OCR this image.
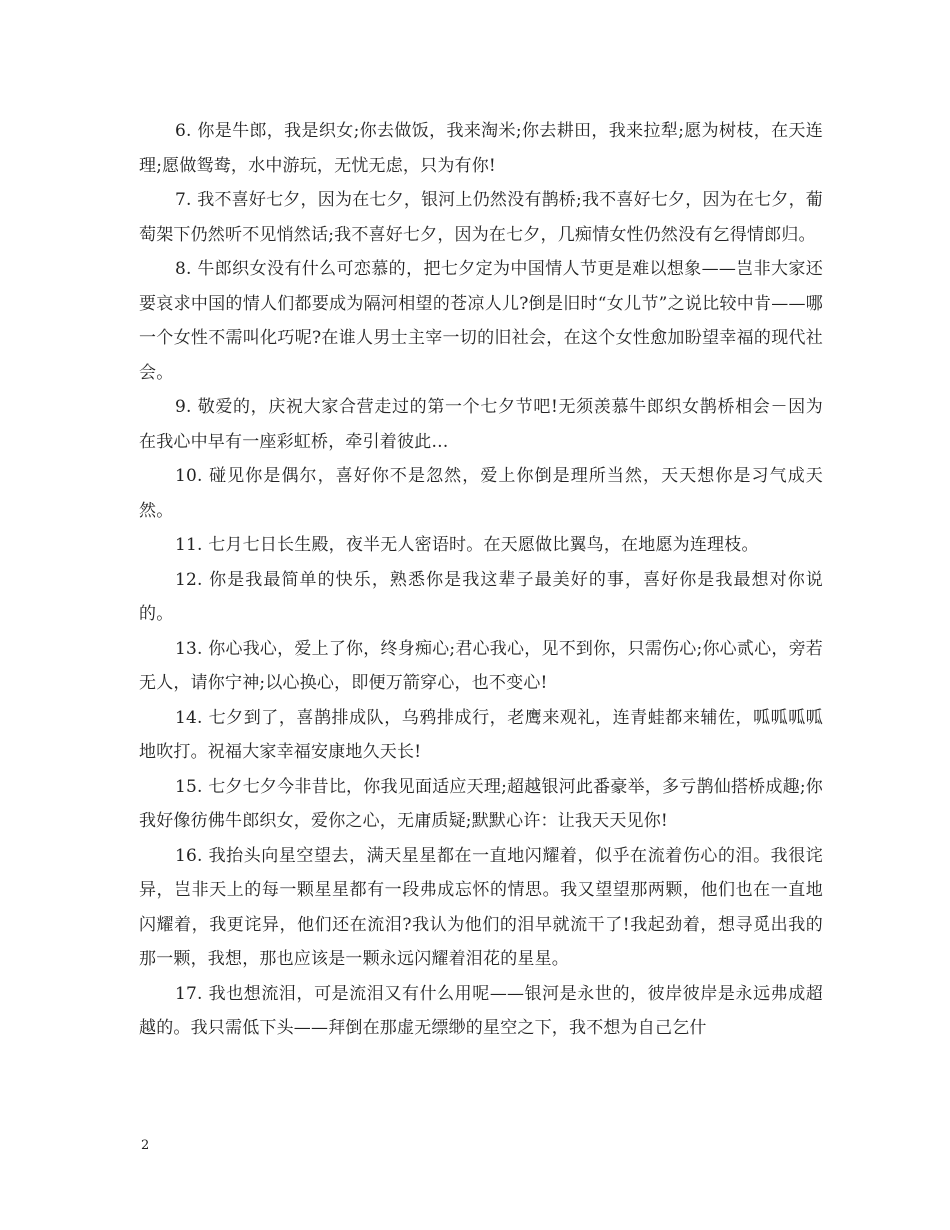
6. 你是牛郎，我是织女;你去做饭，我来淘米;你去耕田，我来拉犁;愿为树枝，在天连理;愿做鸳鸯，水中游玩，无忧无虑，只为有你!

7. 我不喜好七夕，因为在七夕，银河上仍然没有鹊桥;我不喜好七夕，因为在七夕，葡萄架下仍然听不见悄然话;我不喜好七夕，因为在七夕，几痴情女性仍然没有乞得情郎归。

8. 牛郎织女没有什么可恋慕的，把七夕定为中国情人节更是难以想象——岂非大家还要哀求中国的情人们都要成为隔河相望的苍凉人儿?倒是旧时“女儿节”之说比较中肯——哪一个女性不需叫化巧呢?在谁人男士主宰一切的旧社会，在这个女性愈加盼望幸福的现代社会。

9. 敬爱的，庆祝大家合营走过的第一个七夕节吧!无须羡慕牛郎织女鹊桥相会－因为在我心中早有一座彩虹桥，牵引着彼此…

10. 碰见你是偶尔，喜好你不是忽然，爱上你倒是理所当然，天天想你是习气成天然。

11. 七月七日长生殿，夜半无人密语时。在天愿做比翼鸟，在地愿为连理枝。

12. 你是我最简单的快乐，熟悉你是我这辈子最美好的事，喜好你是我最想对你说的。

13. 你心我心，爱上了你，终身痴心;君心我心，见不到你，只需伤心;你心贰心，旁若无人，请你宁神;以心换心，即便万箭穿心，也不变心!

14. 七夕到了，喜鹊排成队，乌鸦排成行，老鹰来观礼，连青蛙都来辅佐，呱呱呱呱地吹打。祝福大家幸福安康地久天长!

15. 七夕七夕今非昔比，你我见面适应天理;超越银河此番豪举，多亏鹊仙搭桥成趣;你我好像彷佛牛郎织女，爱你之心，无庸质疑;默默心许：让我天天见你!

16. 我抬头向星空望去，满天星星都在一直地闪耀着，似乎在流着伤心的泪。我很诧异，岂非天上的每一颗星星都有一段弗成忘怀的情思。我又望望那两颗，他们也在一直地闪耀着，我更诧异，他们还在流泪?我认为他们的泪早就流干了!我起劲着，想寻觅出我的那一颗，我想，那也应该是一颗永远闪耀着泪花的星星。

17. 我也想流泪，可是流泪又有什么用呢——银河是永世的，彼岸彼岸是永远弗成超越的。我只需低下头——拜倒在那虚无缥缈的星空之下，我不想为自己乞什

2
